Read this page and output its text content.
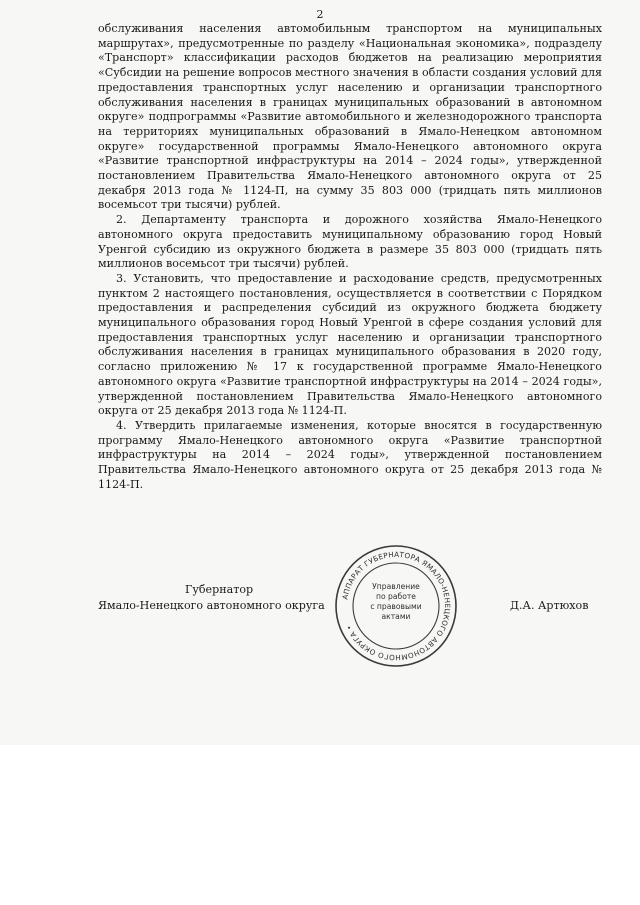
2

обслуживания населения автомобильным транспортом на муниципальных маршрутах», предусмотренные по разделу «Национальная экономика», подразделу «Транспорт» классификации расходов бюджетов на реализацию мероприятия «Субсидии на решение вопросов местного значения в области создания условий для предоставления транспортных услуг населению и организации транспортного обслуживания населения в границах муниципальных образований в автономном округе» подпрограммы «Развитие автомобильного и железнодорожного транспорта на территориях муниципальных образований в Ямало-Ненецком автономном округе» государственной программы Ямало-Ненецкого автономного округа «Развитие транспортной инфраструктуры на 2014 – 2024 годы», утвержденной постановлением Правительства Ямало-Ненецкого автономного округа от 25 декабря 2013 года № 1124-П, на сумму 35 803 000 (тридцать пять миллионов восемьсот три тысячи) рублей.

2. Департаменту транспорта и дорожного хозяйства Ямало-Ненецкого автономного округа предоставить муниципальному образованию город Новый Уренгой субсидию из окружного бюджета в размере 35 803 000 (тридцать пять миллионов восемьсот три тысячи) рублей.

3. Установить, что предоставление и расходование средств, предусмотренных пунктом 2 настоящего постановления, осуществляется в соответствии с Порядком предоставления и распределения субсидий из окружного бюджета бюджету муниципального образования город Новый Уренгой в сфере создания условий для предоставления транспортных услуг населению и организации транспортного обслуживания населения в границах муниципального образования в 2020 году, согласно приложению № 17 к государственной программе Ямало-Ненецкого автономного округа «Развитие транспортной инфраструктуры на 2014 – 2024 годы», утвержденной постановлением Правительства Ямало-Ненецкого автономного округа от 25 декабря 2013 года № 1124-П.

4. Утвердить прилагаемые изменения, которые вносятся в государственную программу Ямало-Ненецкого автономного округа «Развитие транспортной инфраструктуры на 2014 – 2024 годы», утвержденной постановлением Правительства Ямало-Ненецкого автономного округа от 25 декабря 2013 года № 1124-П.

Губернатор
Ямало-Ненецкого автономного округа	Д.А. Артюхов
АППАРАТ ГУБЕРНАТОРА ЯМАЛО-НЕНЕЦКОГО АВТОНОМНОГО ОКРУГА •
Управление
по работе
с правовыми
актами
